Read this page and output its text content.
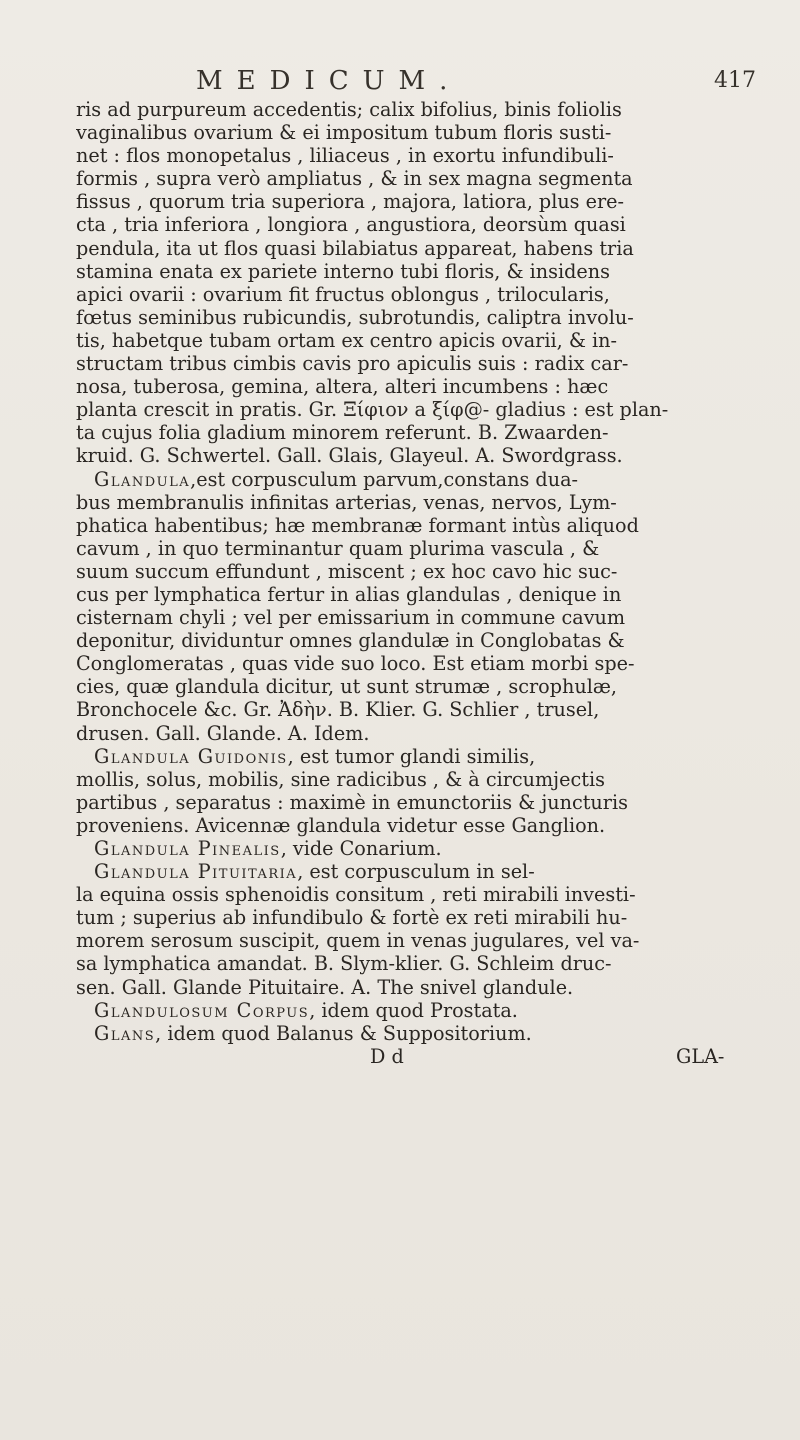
MEDICUM.	417
ris ad purpureum accedentis; calix bifolius, binis foliolis
vaginalibus ovarium & ei impositum tubum floris susti-
net : flos monopetalus , liliaceus , in exortu infundibuli-
formis , supra verò ampliatus , & in sex magna segmenta
fissus , quorum tria superiora , majora, latiora, plus ere-
cta , tria inferiora , longiora , angustiora, deorsùm quasi
pendula, ita ut flos quasi bilabiatus appareat, habens tria
stamina enata ex pariete interno tubi floris, & insidens
apici ovarii : ovarium fit fructus oblongus , trilocularis,
fœtus seminibus rubicundis, subrotundis, caliptra involu-
tis, habetque tubam ortam ex centro apicis ovarii, & in-
structam tribus cimbis cavis pro apiculis suis : radix car-
nosa, tuberosa, gemina, altera, alteri incumbens : hæc
planta crescit in pratis. Gr. Ξίφιον a ξίφ@- gladius : est plan-
ta cujus folia gladium minorem referunt. B. Zwaarden-
kruid. G. Schwertel. Gall. Glais, Glayeul. A. Swordgrass.
Glandula,est corpusculum parvum,constans dua-
bus membranulis infinitas arterias, venas, nervos, Lym-
phatica habentibus; hæ membranæ formant intùs aliquod
cavum , in quo terminantur quam plurima vascula , &
suum succum effundunt , miscent ; ex hoc cavo hic suc-
cus per lymphatica fertur in alias glandulas , denique in
cisternam chyli ; vel per emissarium in commune cavum
deponitur, dividuntur omnes glandulæ in Conglobatas &
Conglomeratas , quas vide suo loco. Est etiam morbi spe-
cies, quæ glandula dicitur, ut sunt strumæ , scrophulæ,
Bronchocele &c. Gr. Ἀδὴν. B. Klier. G. Schlier , trusel,
drusen. Gall. Glande. A. Idem.
Glandula Guidonis, est tumor glandi similis,
mollis, solus, mobilis, sine radicibus , & à circumjectis
partibus , separatus : maximè in emunctoriis & juncturis
proveniens. Avicennæ glandula videtur esse Ganglion.
Glandula Pinealis, vide Conarium.
Glandula Pituitaria, est corpusculum in sel-
la equina ossis sphenoidis consitum , reti mirabili investi-
tum ; superius ab infundibulo & fortè ex reti mirabili hu-
morem serosum suscipit, quem in venas jugulares, vel va-
sa lymphatica amandat. B. Slym-klier. G. Schleim druc-
sen. Gall. Glande Pituitaire. A. The snivel glandule.
Glandulosum Corpus, idem quod Prostata.
Glans, idem quod Balanus & Suppositorium.
D d	GLA-
